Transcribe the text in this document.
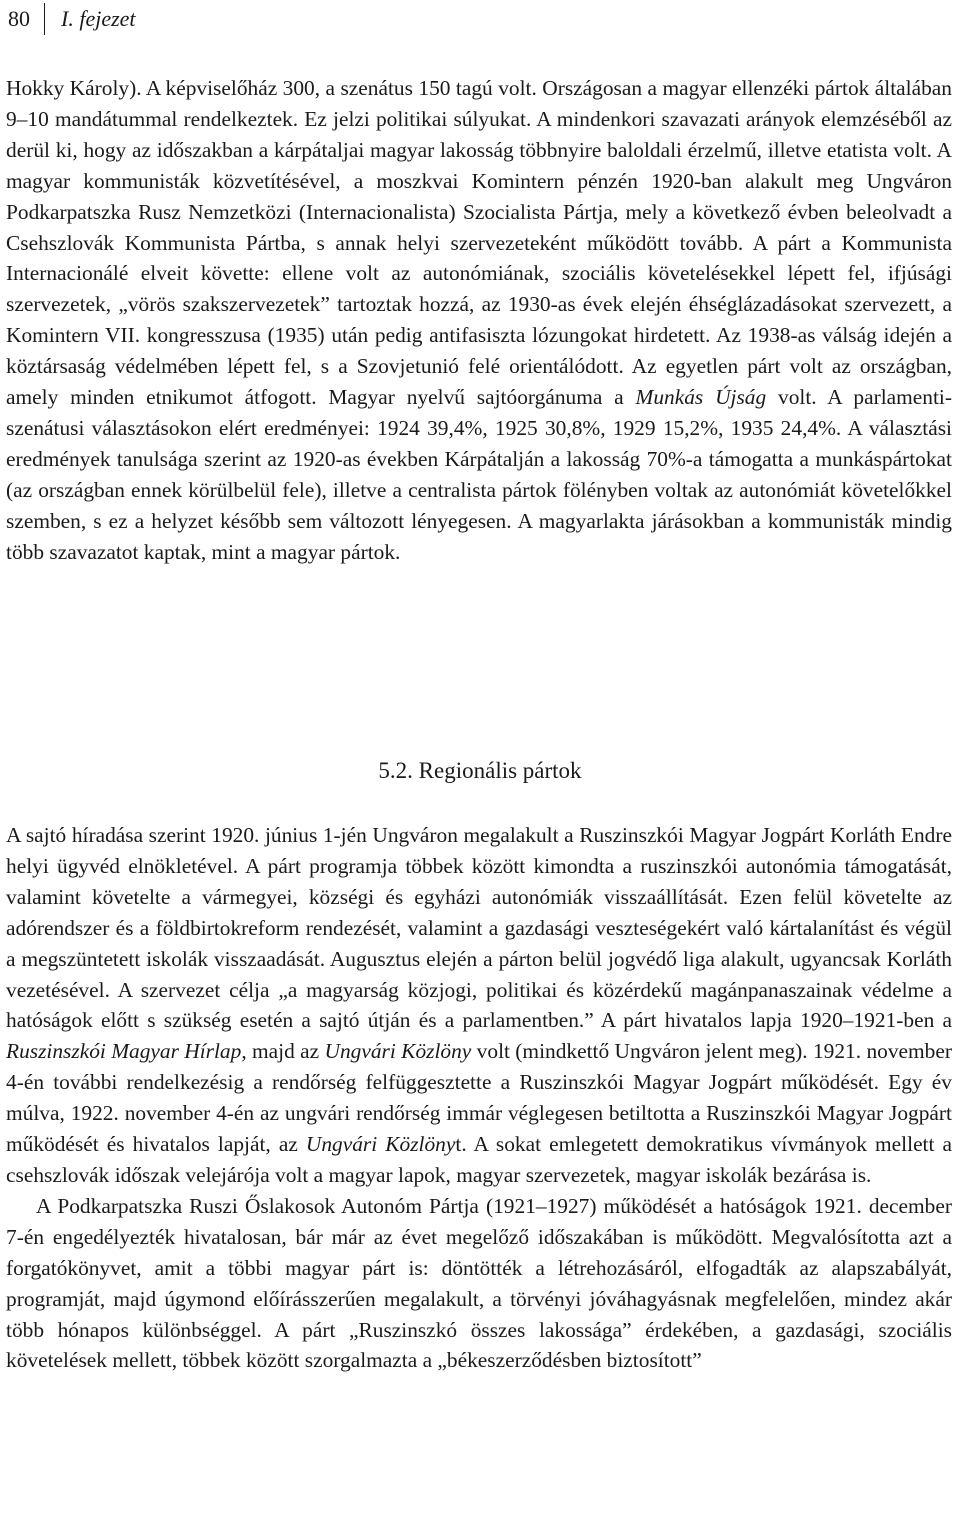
80	I. fejezet

Hokky Károly). A képviselőház 300, a szenátus 150 tagú volt. Országosan a magyar ellenzéki pártok általában 9–10 mandátummal rendelkeztek. Ez jelzi politikai súlyukat. A mindenkori szavazati arányok elemzéséből az derül ki, hogy az időszakban a kárpátaljai magyar lakosság többnyire baloldali érzelmű, illetve etatista volt. A magyar kommunisták közvetítésével, a moszkvai Komintern pénzén 1920-ban alakult meg Ungváron Podkarpatszka Rusz Nemzetközi (Internacionalista) Szocialista Pártja, mely a következő évben beleolvadt a Csehszlovák Kommunista Pártba, s annak helyi szervezeteként működött tovább. A párt a Kommunista Internacionálé elveit követte: ellene volt az autonómiának, szociális követelésekkel lépett fel, ifjúsági szervezetek, „vörös szakszervezetek” tartoztak hozzá, az 1930-as évek elején éhséglázadásokat szervezett, a Komintern VII. kongresszusa (1935) után pedig antifasiszta lózungokat hirdetett. Az 1938-as válság idején a köztársaság védelmében lépett fel, s a Szovjetunió felé orientálódott. Az egyetlen párt volt az országban, amely minden etnikumot átfogott. Magyar nyelvű sajtóorgánuma a Munkás Újság volt. A parlamenti-szenátusi választásokon elért eredményei: 1924 39,4%, 1925 30,8%, 1929 15,2%, 1935 24,4%. A választási eredmények tanulsága szerint az 1920-as években Kárpátalján a lakosság 70%-a támogatta a munkáspártokat (az országban ennek körülbelül fele), illetve a centralista pártok fölényben voltak az autonómiát követelőkkel szemben, s ez a helyzet később sem változott lényegesen. A magyarlakta járásokban a kommunisták mindig több szavazatot kaptak, mint a magyar pártok.

5.2. Regionális pártok

A sajtó híradása szerint 1920. június 1-jén Ungváron megalakult a Ruszinszkói Magyar Jogpárt Korláth Endre helyi ügyvéd elnökletével. A párt programja többek között kimondta a ruszinszkói autonómia támogatását, valamint követelte a vármegyei, községi és egyházi autonómiák visszaállítását. Ezen felül követelte az adórendszer és a földbirtokreform rendezését, valamint a gazdasági veszteségekért való kártalanítást és végül a megszüntetett iskolák visszaadását. Augusztus elején a párton belül jogvédő liga alakult, ugyancsak Korláth vezetésével. A szervezet célja „a magyarság közjogi, politikai és közérdekű magánpanaszainak védelme a hatóságok előtt s szükség esetén a sajtó útján és a parlamentben.” A párt hivatalos lapja 1920–1921-ben a Ruszinszkói Magyar Hírlap, majd az Ungvári Közlöny volt (mindkettő Ungváron jelent meg). 1921. november 4-én további rendelkezésig a rendőrség felfüggesztette a Ruszinszkói Magyar Jogpárt működését. Egy év múlva, 1922. november 4-én az ungvári rendőrség immár véglegesen betiltotta a Ruszinszkói Magyar Jogpárt működését és hivatalos lapját, az Ungvári Közlönyt. A sokat emlegetett demokratikus vívmányok mellett a csehszlovák időszak velejárója volt a magyar lapok, magyar szervezetek, magyar iskolák bezárása is.

A Podkarpatszka Ruszi Őslakosok Autonóm Pártja (1921–1927) működését a hatóságok 1921. december 7-én engedélyezték hivatalosan, bár már az évet megelőző időszakában is működött. Megvalósította azt a forgatókönyvet, amit a többi magyar párt is: döntötték a létrehozásáról, elfogadták az alapszabályát, programját, majd úgymond előírásszerűen megalakult, a törvényi jóváhagyásnak megfelelően, mindez akár több hónapos különbséggel. A párt „Ruszinszkó összes lakossága” érdekében, a gazdasági, szociális követelések mellett, többek között szorgalmazta a „békeszerződésben biztosított”
